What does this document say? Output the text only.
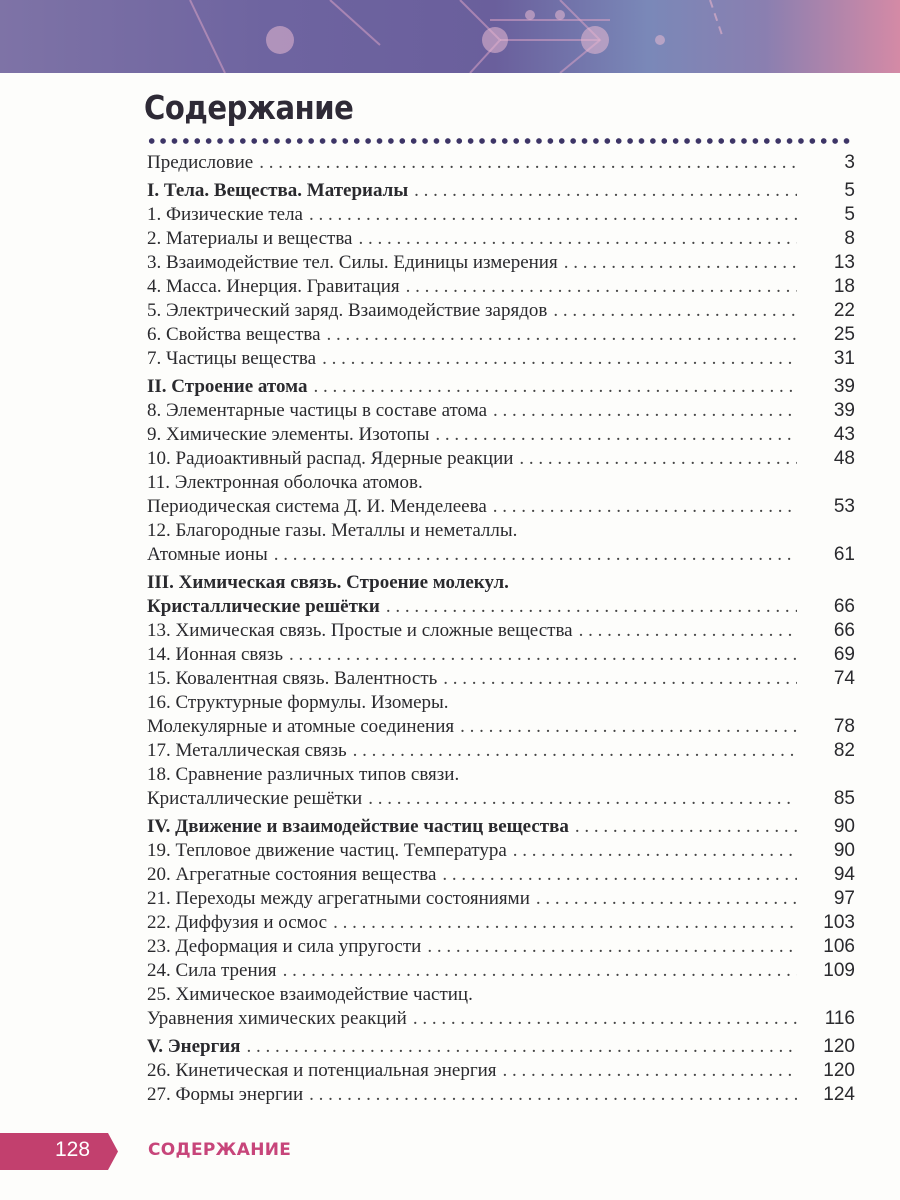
Содержание
Предисловие . . .	3
I. Тела. Вещества. Материалы . . .	5
1. Физические тела . . .	5
2. Материалы и вещества . . .	8
3. Взаимодействие тел. Силы. Единицы измерения . . .	13
4. Масса. Инерция. Гравитация . . .	18
5. Электрический заряд. Взаимодействие зарядов . . .	22
6. Свойства вещества . . .	25
7. Частицы вещества . . .	31
II. Строение атома . . .	39
8. Элементарные частицы в составе атома . . .	39
9. Химические элементы. Изотопы . . .	43
10. Радиоактивный распад. Ядерные реакции . . .	48
11. Электронная оболочка атомов.
Периодическая система Д. И. Менделеева . . .	53
12. Благородные газы. Металлы и неметаллы.
Атомные ионы . . .	61
III. Химическая связь. Строение молекул.
Кристаллические решётки . . .	66
13. Химическая связь. Простые и сложные вещества . . .	66
14. Ионная связь . . .	69
15. Ковалентная связь. Валентность . . .	74
16. Структурные формулы. Изомеры.
Молекулярные и атомные соединения . . .	78
17. Металлическая связь . . .	82
18. Сравнение различных типов связи.
Кристаллические решётки . . .	85
IV. Движение и взаимодействие частиц вещества . . .	90
19. Тепловое движение частиц. Температура . . .	90
20. Агрегатные состояния вещества . . .	94
21. Переходы между агрегатными состояниями . . .	97
22. Диффузия и осмос . . .	103
23. Деформация и сила упругости . . .	106
24. Сила трения . . .	109
25. Химическое взаимодействие частиц.
Уравнения химических реакций . . .	116
V. Энергия . . .	120
26. Кинетическая и потенциальная энергия . . .	120
27. Формы энергии . . .	124
128	СОДЕРЖАНИЕ
